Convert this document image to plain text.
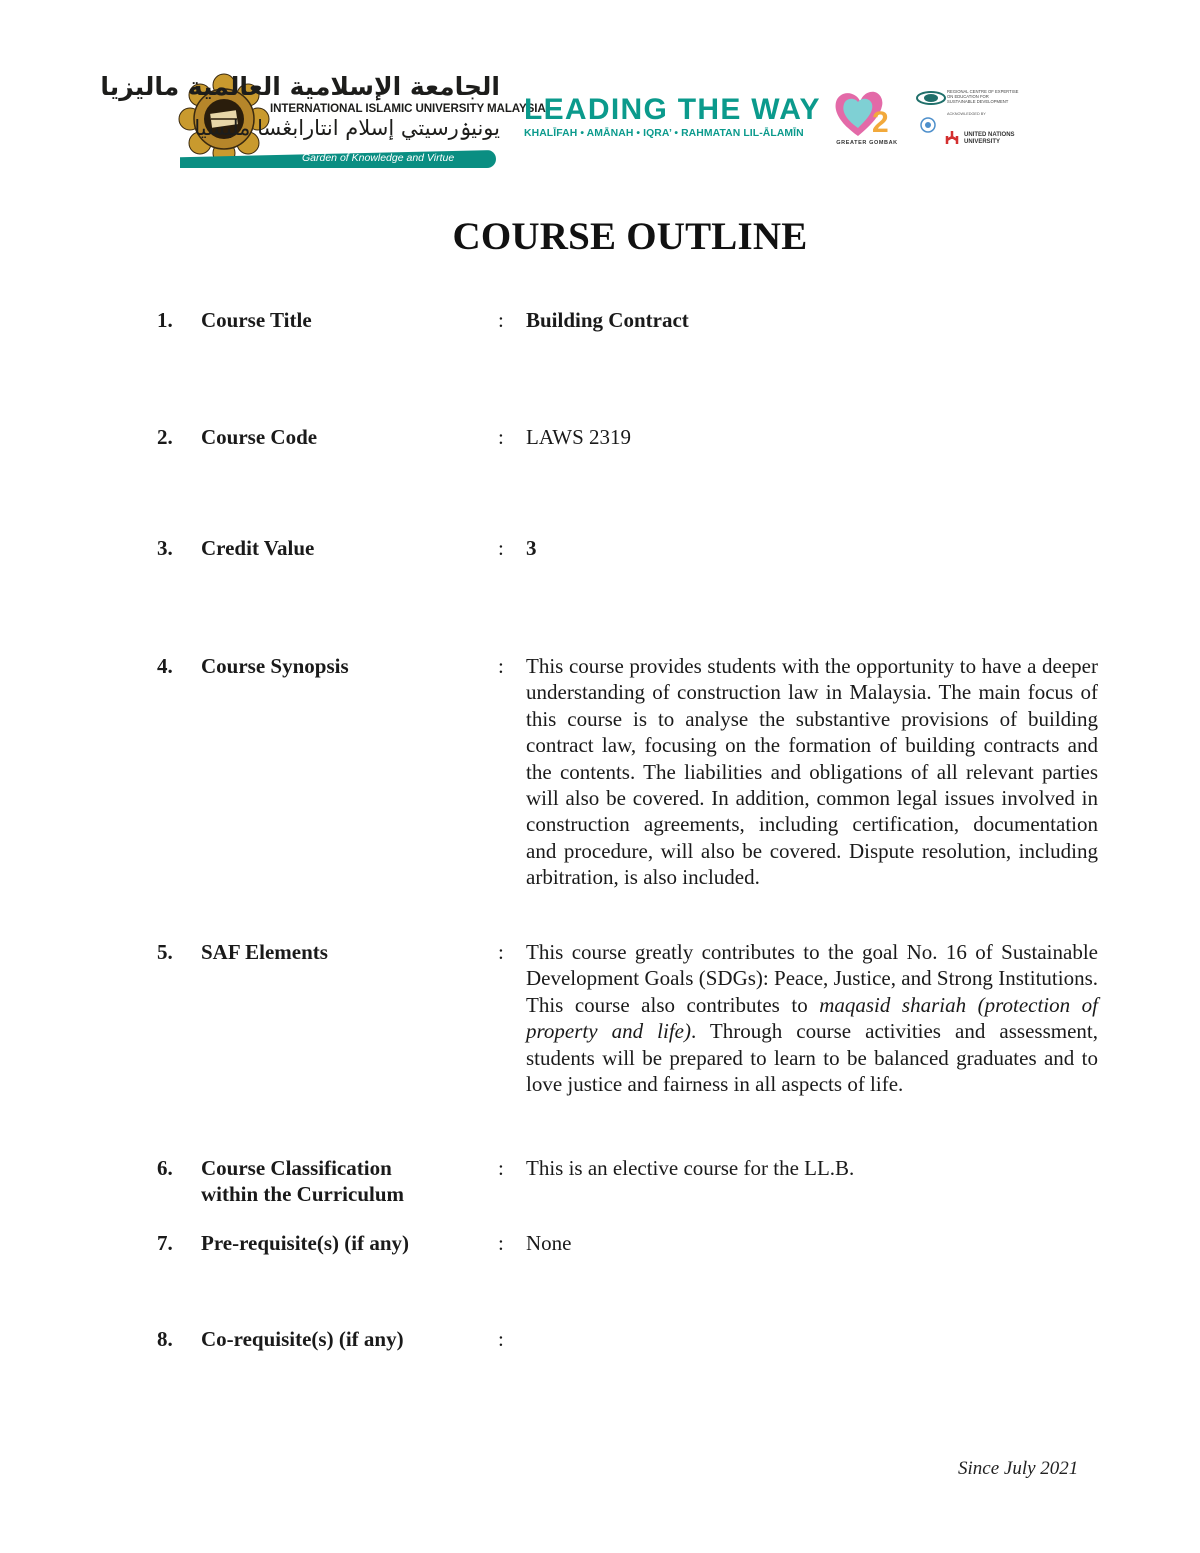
الجامعة الإسلامية العالمية ماليزيا
INTERNATIONAL ISLAMIC UNIVERSITY MALAYSIA
يونيۏرسيتي إسلام انتارابڠسا مليسيا
Garden of Knowledge and Virtue
LEADING THE WAY
KHALĪFAH • AMĀNAH • IQRA’ • RAHMATAN LIL-ĀLAMĪN	2
GREATER GOMBAK
REGIONAL CENTRE OF EXPERTISE
ON EDUCATION FOR
SUSTAINABLE DEVELOPMENT
ACKNOWLEDGED BY
UNITED NATIONS
UNIVERSITY
COURSE OUTLINE
1. Course Title	: Building Contract
2. Course Code	: LAWS 2319
3. Credit Value	: 3
4. Course Synopsis	: This course provides students with the opportunity to have a deeper understanding of construction law in Malaysia. The main focus of this course is to analyse the substantive provisions of building contract law, focusing on the formation of building contracts and the contents. The liabilities and obligations of all relevant parties will also be covered. In addition, common legal issues involved in construction agreements, including certification, documentation and procedure, will also be covered. Dispute resolution, including arbitration, is also included.
5. SAF Elements	: This course greatly contributes to the goal No. 16 of Sustainable Development Goals (SDGs): Peace, Justice, and Strong Institutions. This course also contributes to maqasid shariah (protection of property and life). Through course activities and assessment, students will be prepared to learn to be balanced graduates and to love justice and fairness in all aspects of life.
6. Course Classification
within the Curriculum
: This is an elective course for the LL.B.
7. Pre-requisite(s) (if any)	: None
8. Co-requisite(s) (if any)	:
Since July 2021
